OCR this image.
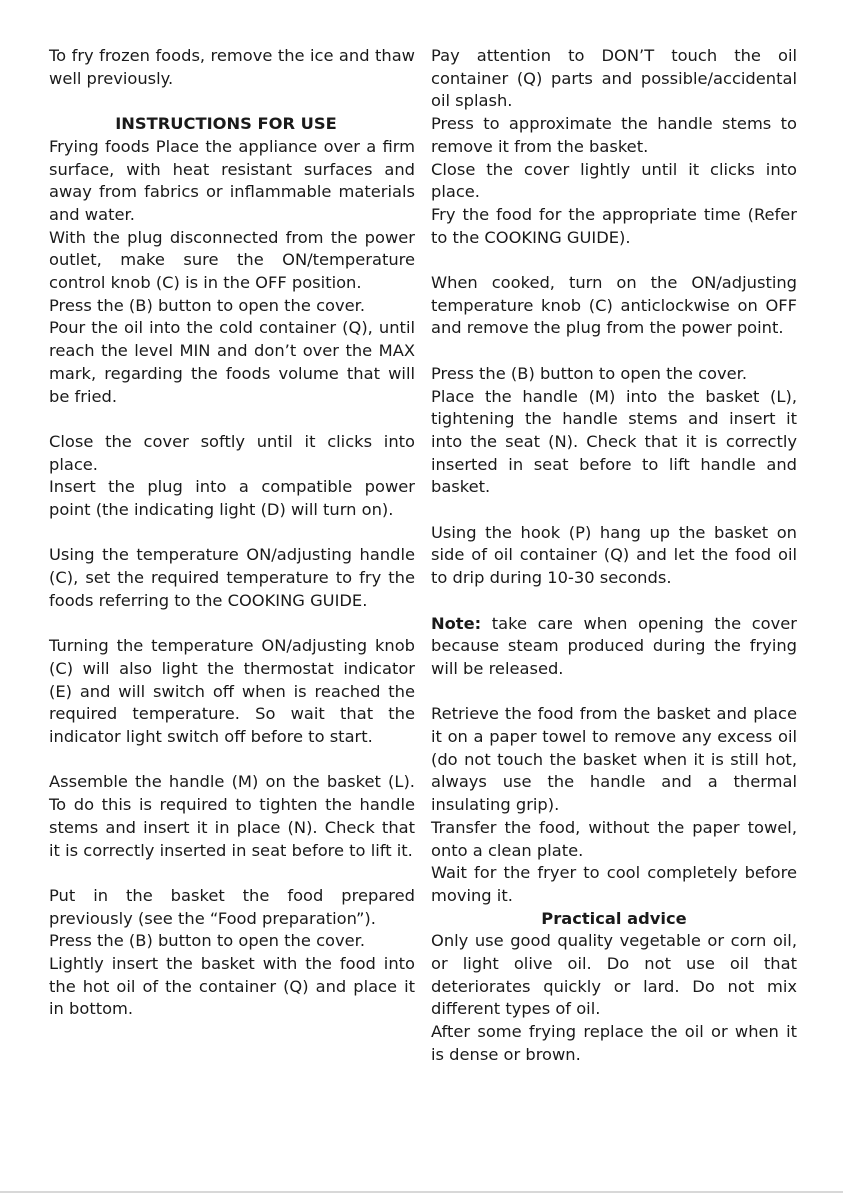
To fry frozen foods, remove the ice and thaw well previously.

INSTRUCTIONS FOR USE

Frying foods Place the appliance over a firm surface, with heat resistant surfaces and away from fabrics or inflammable materials and water.

With the plug disconnected from the power outlet, make sure the ON/temperature control knob (C) is in the OFF position.

Press the (B) button to open the cover.

Pour the oil into the cold container (Q), until reach the level MIN and don’t over the MAX mark, regarding the foods volume that will be fried.

Close the cover softly until it clicks into place.

Insert the plug into a compatible power point (the indicating light (D) will turn on).

Using the temperature ON/adjusting handle (C), set the required temperature to fry the foods referring to the COOKING GUIDE.

Turning the temperature ON/adjusting knob (C) will also light the thermostat indicator (E) and will switch off when is reached the required temperature. So wait that the indicator light switch off before to start.

Assemble the handle (M) on the basket (L). To do this is required to tighten the handle stems and insert it in place (N). Check that it is correctly inserted in seat before to lift it.

Put in the basket the food prepared previously (see the “Food preparation”).

Press the (B) button to open the cover.

Lightly insert the basket with the food into the hot oil of the container (Q) and place it in bottom.

Pay attention to DON’T touch the oil container (Q) parts and possible/accidental oil splash.

Press to approximate the handle stems to remove it from the basket.

Close the cover lightly until it clicks into place.

Fry the food for the appropriate time (Refer to the COOKING GUIDE).

When cooked, turn on the ON/adjusting temperature knob (C) anticlockwise on OFF and remove the plug from the power point.

Press the (B) button to open the cover.

Place the handle (M) into the basket (L), tightening the handle stems and insert it into the seat (N). Check that it is correctly inserted in seat before to lift handle and basket.

Using the hook (P) hang up the basket on side of oil container (Q) and let the food oil to drip during 10-30 seconds.

Note: take care when opening the cover because steam produced during the frying will be released.

Retrieve the food from the basket and place it on a paper towel to remove any excess oil (do not touch the basket when it is still hot, always use the handle and a thermal insulating grip).

Transfer the food, without the paper towel, onto a clean plate.

Wait for the fryer to cool completely before moving it.

Practical advice

Only use good quality vegetable or corn oil, or light olive oil. Do not use oil that deteriorates quickly or lard. Do not mix different types of oil.

After some frying replace the oil or when it is dense or brown.
